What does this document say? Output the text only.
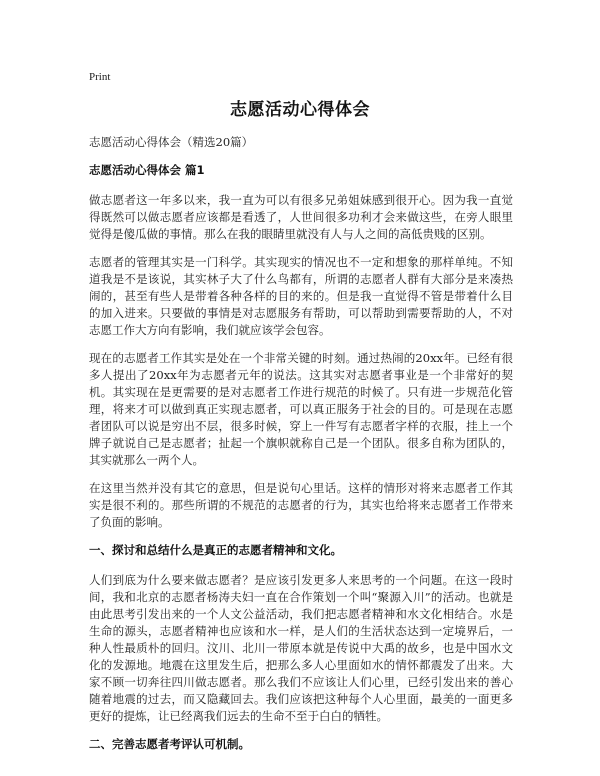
Print
志愿活动心得体会
志愿活动心得体会（精选20篇）
志愿活动心得体会 篇1

做志愿者这一年多以来，我一直为可以有很多兄弟姐妹感到很开心。因为我一直觉得既然可以做志愿者应该都是看透了，人世间很多功利才会来做这些，在旁人眼里觉得是傻瓜做的事情。那么在我的眼睛里就没有人与人之间的高低贵贱的区别。

志愿者的管理其实是一门科学。其实现实的情况也不一定和想象的那样单纯。不知道我是不是该说，其实林子大了什么鸟都有，所谓的志愿者人群有大部分是来凑热闹的，甚至有些人是带着各种各样的目的来的。但是我一直觉得不管是带着什么目的加入进来。只要做的事情是对志愿服务有帮助，可以帮助到需要帮助的人，不对志愿工作大方向有影响，我们就应该学会包容。

现在的志愿者工作其实是处在一个非常关键的时刻。通过热闹的20xx年。已经有很多人提出了20xx年为志愿者元年的说法。这其实对志愿者事业是一个非常好的契机。其实现在是更需要的是对志愿者工作进行规范的时候了。只有进一步规范化管理，将来才可以做到真正实现志愿者，可以真正服务于社会的目的。可是现在志愿者团队可以说是穷出不层，很多时候，穿上一件写有志愿者字样的衣服，挂上一个牌子就说自己是志愿者；扯起一个旗帜就称自己是一个团队。很多自称为团队的，其实就那么一两个人。

在这里当然并没有其它的意思，但是说句心里话。这样的情形对将来志愿者工作其实是很不利的。那些所谓的不规范的志愿者的行为，其实也给将来志愿者工作带来了负面的影响。

一、探讨和总结什么是真正的志愿者精神和文化。

人们到底为什么要来做志愿者？是应该引发更多人来思考的一个问题。在这一段时间，我和北京的志愿者杨涛夫妇一直在合作策划一个叫“聚源入川”的活动。也就是由此思考引发出来的一个人文公益活动，我们把志愿者精神和水文化相结合。水是生命的源头，志愿者精神也应该和水一样，是人们的生活状态达到一定境界后，一种人性最质朴的回归。汶川、北川一带原本就是传说中大禹的故乡，也是中国水文化的发源地。地震在这里发生后，把那么多人心里面如水的情怀都震发了出来。大家不顾一切奔往四川做志愿者。那么我们不应该让人们心里，已经引发出来的善心随着地震的过去，而又隐藏回去。我们应该把这种每个人心里面，最美的一面更多更好的提炼，让已经离我们远去的生命不至于白白的牺牲。

二、完善志愿者考评认可机制。
